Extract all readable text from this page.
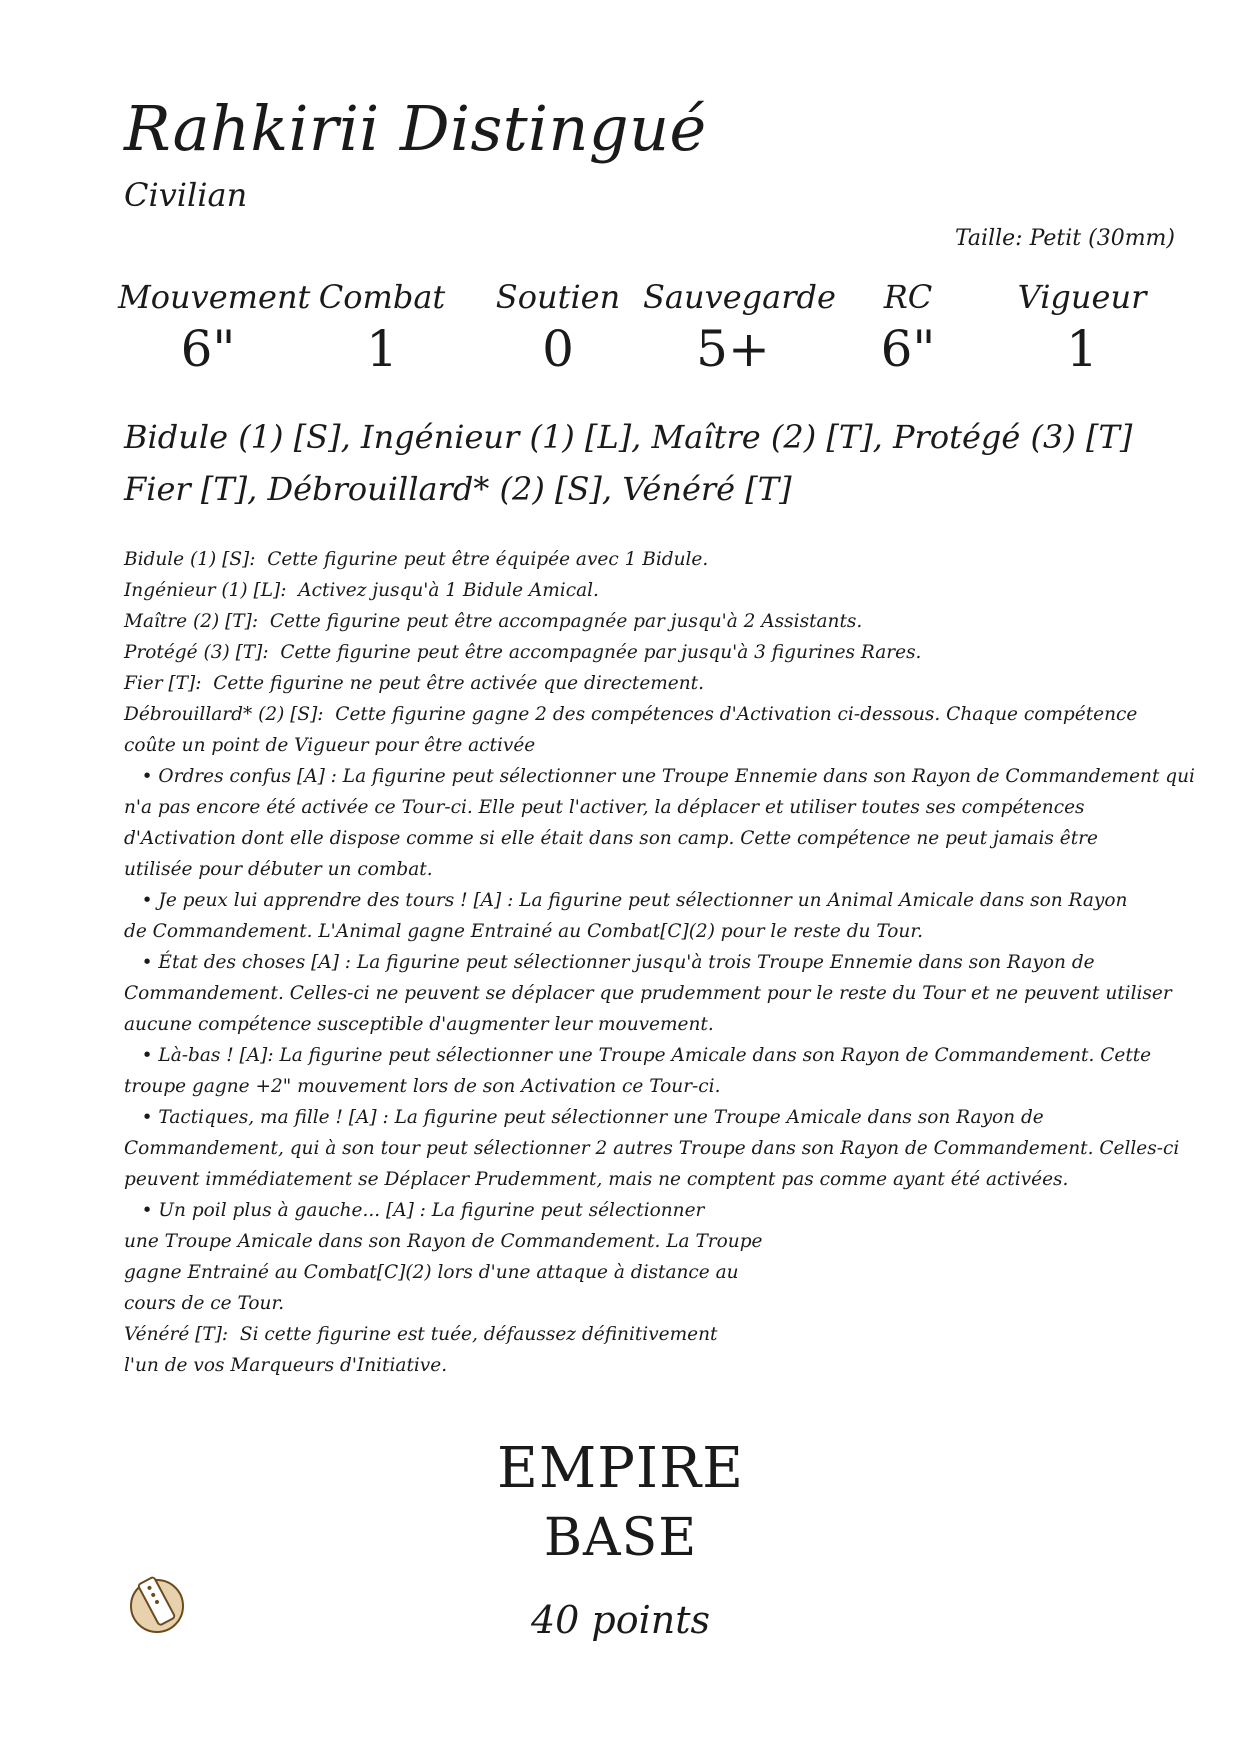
Rahkirii Distingué
Civilian
Taille: Petit (30mm)
Mouvement
6"
Combat
1
Soutien
0
Sauvegarde
5+
RC
6"
Vigueur
1
Bidule (1) [S], Ingénieur (1) [L], Maître (2) [T], Protégé (3) [T]
Fier [T], Débrouillard* (2) [S], Vénéré [T]
Bidule (1) [S]:  Cette figurine peut être équipée avec 1 Bidule.
Ingénieur (1) [L]:  Activez jusqu'à 1 Bidule Amical.
Maître (2) [T]:  Cette figurine peut être accompagnée par jusqu'à 2 Assistants.
Protégé (3) [T]:  Cette figurine peut être accompagnée par jusqu'à 3 figurines Rares.
Fier [T]:  Cette figurine ne peut être activée que directement.
Débrouillard* (2) [S]:  Cette figurine gagne 2 des compétences d'Activation ci-dessous. Chaque compétence
coûte un point de Vigueur pour être activée
• Ordres confus [A] : La figurine peut sélectionner une Troupe Ennemie dans son Rayon de Commandement qui
n'a pas encore été activée ce Tour-ci. Elle peut l'activer, la déplacer et utiliser toutes ses compétences
d'Activation dont elle dispose comme si elle était dans son camp. Cette compétence ne peut jamais être
utilisée pour débuter un combat.
• Je peux lui apprendre des tours ! [A] : La figurine peut sélectionner un Animal Amicale dans son Rayon
de Commandement. L'Animal gagne Entrainé au Combat[C](2) pour le reste du Tour.
• État des choses [A] : La figurine peut sélectionner jusqu'à trois Troupe Ennemie dans son Rayon de
Commandement. Celles-ci ne peuvent se déplacer que prudemment pour le reste du Tour et ne peuvent utiliser
aucune compétence susceptible d'augmenter leur mouvement.
• Là-bas ! [A]: La figurine peut sélectionner une Troupe Amicale dans son Rayon de Commandement. Cette
troupe gagne +2" mouvement lors de son Activation ce Tour-ci.
• Tactiques, ma fille ! [A] : La figurine peut sélectionner une Troupe Amicale dans son Rayon de
Commandement, qui à son tour peut sélectionner 2 autres Troupe dans son Rayon de Commandement. Celles-ci
peuvent immédiatement se Déplacer Prudemment, mais ne comptent pas comme ayant été activées.
• Un poil plus à gauche... [A] : La figurine peut sélectionner
une Troupe Amicale dans son Rayon de Commandement. La Troupe
gagne Entrainé au Combat[C](2) lors d'une attaque à distance au
cours de ce Tour.
Vénéré [T]:  Si cette figurine est tuée, défaussez définitivement
l'un de vos Marqueurs d'Initiative.
EMPIRE
BASE
40 points
